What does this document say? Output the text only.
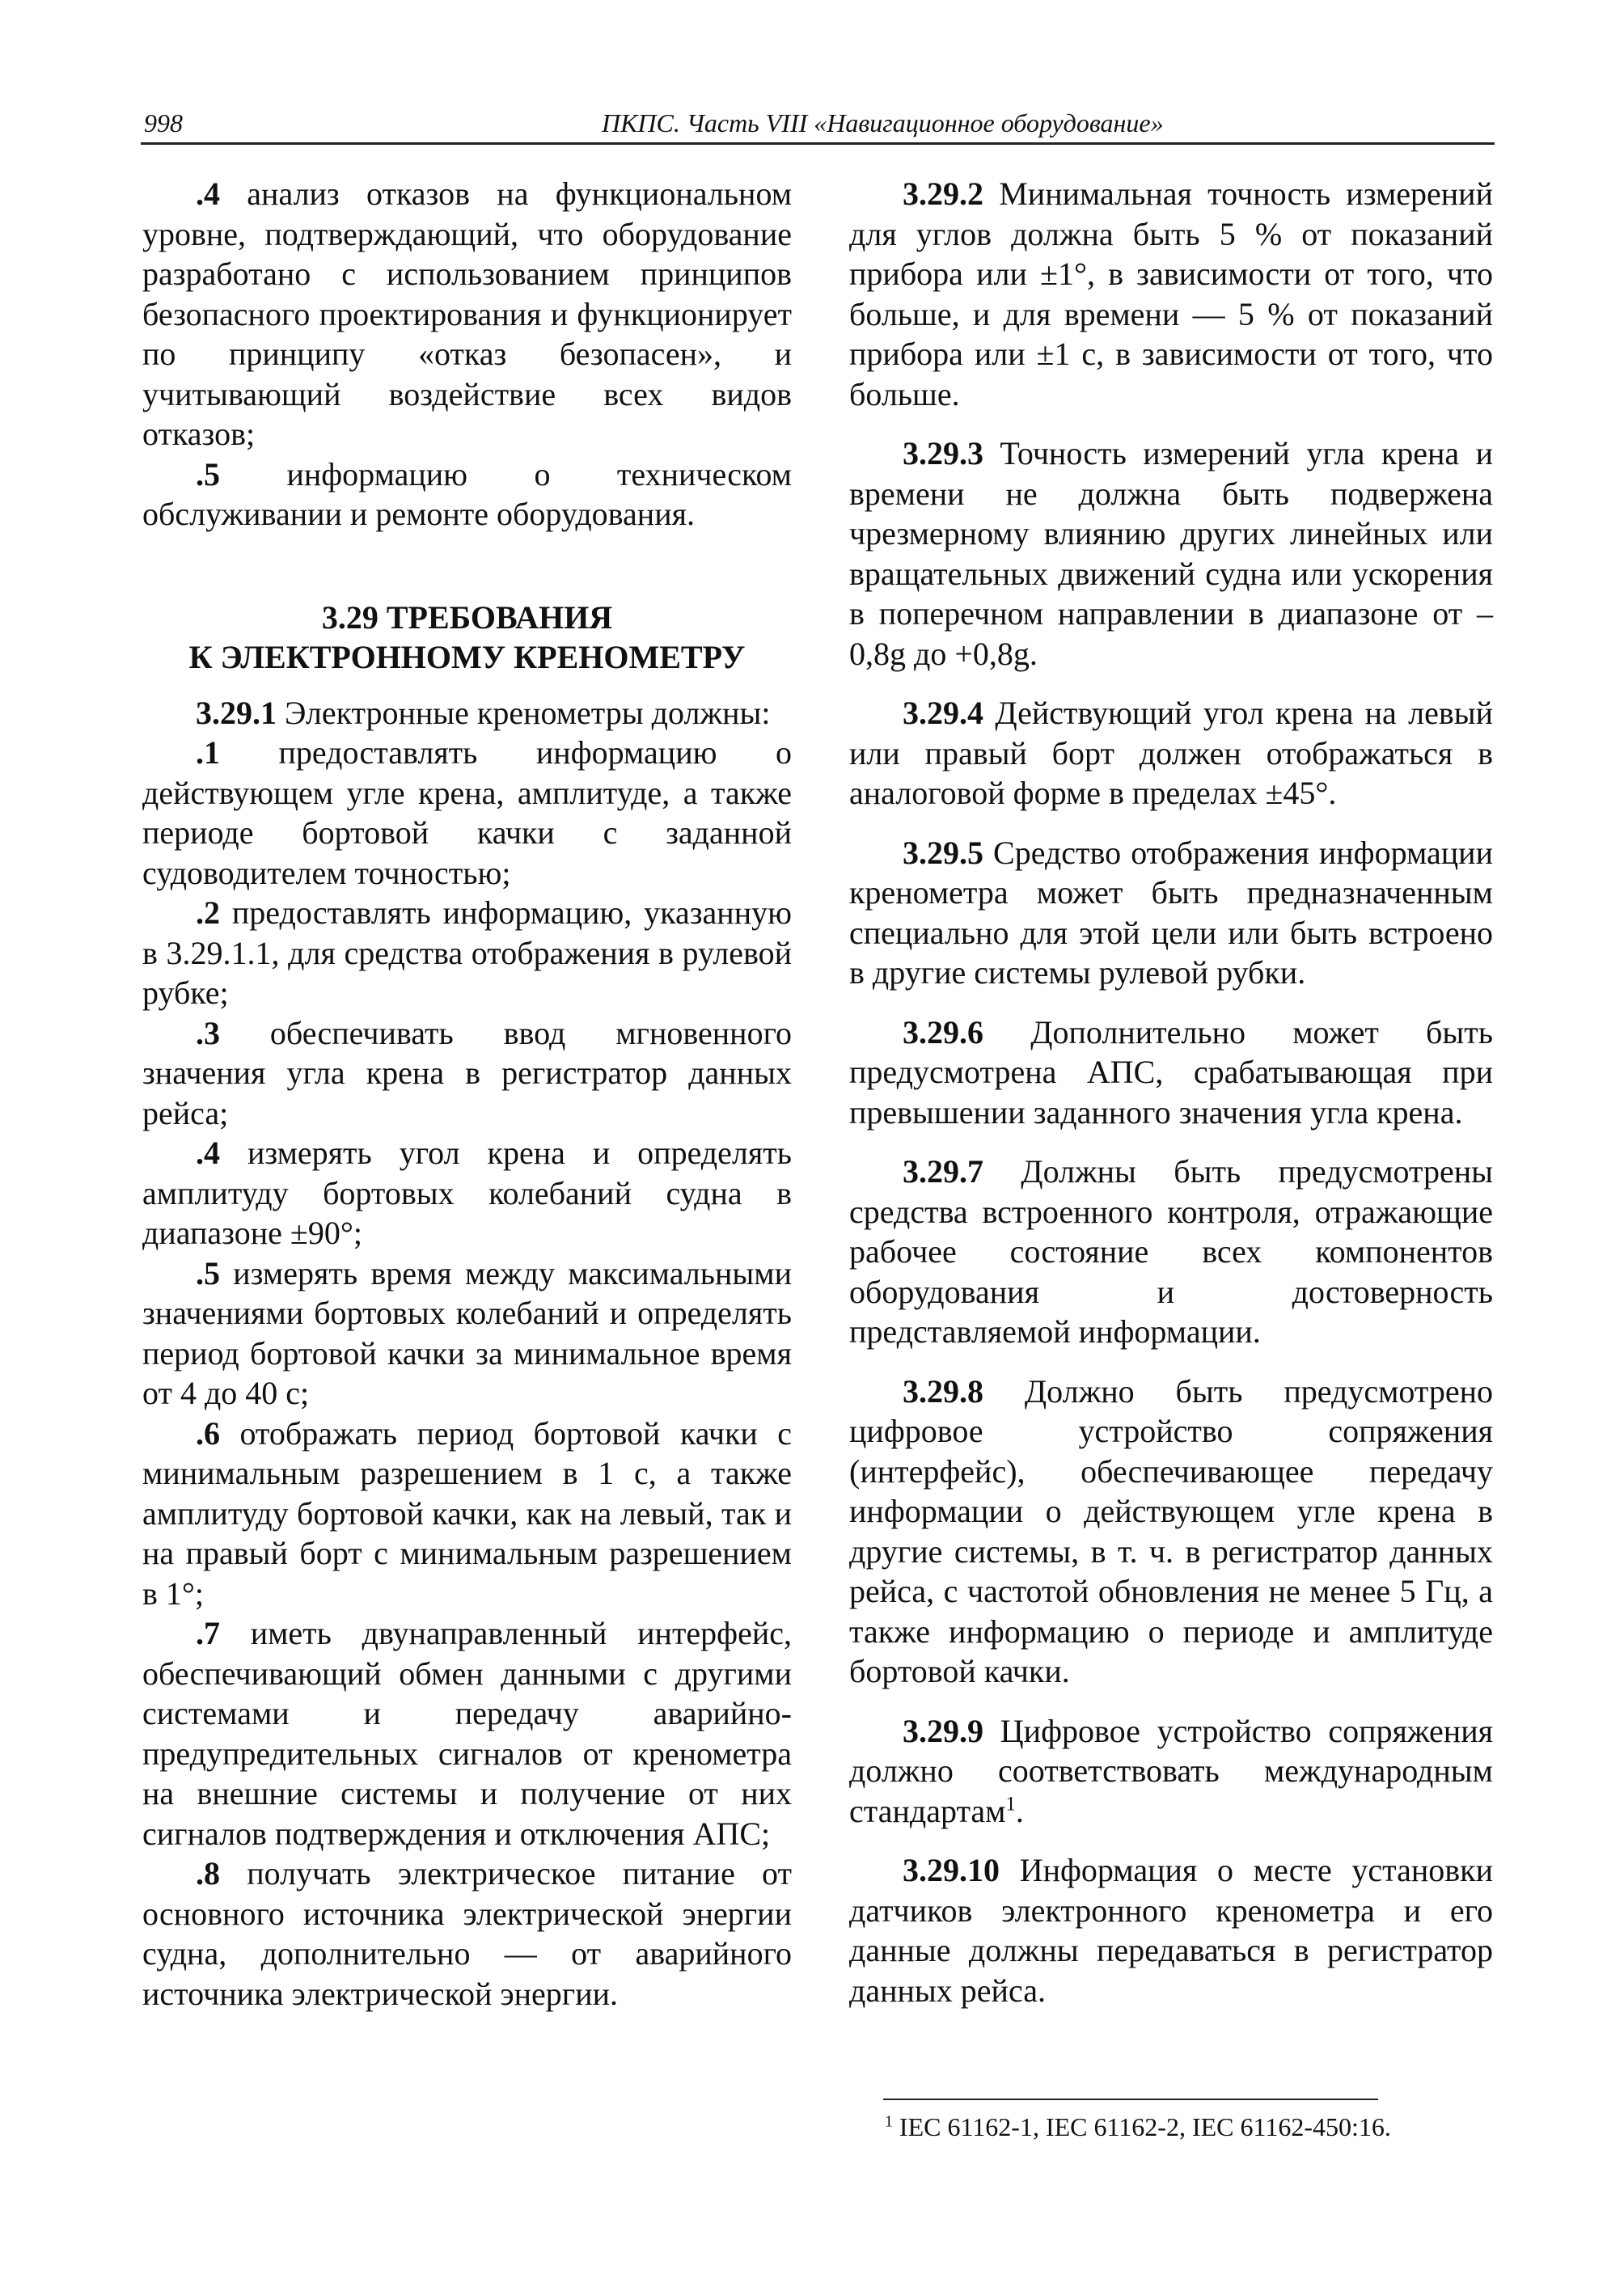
998	ПКПС. Часть VIII «Навигационное оборудование»

.4 анализ отказов на функциональном уровне, подтверждающий, что оборудование разработано с использованием принципов безопасного проектирования и функционирует по принципу «отказ безопасен», и учитывающий воздействие всех видов отказов;

.5 информацию о техническом обслуживании и ремонте оборудования.

3.29 ТРЕБОВАНИЯ
К ЭЛЕКТРОННОМУ КРЕНОМЕТРУ

3.29.1 Электронные кренометры должны:

.1 предоставлять информацию о действующем угле крена, амплитуде, а также периоде бортовой качки с заданной судоводителем точностью;

.2 предоставлять информацию, указанную в 3.29.1.1, для средства отображения в рулевой рубке;

.3 обеспечивать ввод мгновенного значения угла крена в регистратор данных рейса;

.4 измерять угол крена и определять амплитуду бортовых колебаний судна в диапазоне ±90°;

.5 измерять время между максимальными значениями бортовых колебаний и определять период бортовой качки за минимальное время от 4 до 40 с;

.6 отображать период бортовой качки с минимальным разрешением в 1 с, а также амплитуду бортовой качки, как на левый, так и на правый борт с минимальным разрешением в 1°;

.7 иметь двунаправленный интерфейс, обеспечивающий обмен данными с другими системами и передачу аварийно-предупредительных сигналов от кренометра на внешние системы и получение от них сигналов подтверждения и отключения АПС;

.8 получать электрическое питание от основного источника электрической энергии судна, дополнительно — от аварийного источника электрической энергии.

3.29.2 Минимальная точность измерений для углов должна быть 5 % от показаний прибора или ±1°, в зависимости от того, что больше, и для времени — 5 % от показаний прибора или ±1 с, в зависимости от того, что больше.

3.29.3 Точность измерений угла крена и времени не должна быть подвержена чрезмерному влиянию других линейных или вращательных движений судна или ускорения в поперечном направлении в диапазоне от –0,8g до +0,8g.

3.29.4 Действующий угол крена на левый или правый борт должен отображаться в аналоговой форме в пределах ±45°.

3.29.5 Средство отображения информации кренометра может быть предназначенным специально для этой цели или быть встроено в другие системы рулевой рубки.

3.29.6 Дополнительно может быть предусмотрена АПС, срабатывающая при превышении заданного значения угла крена.

3.29.7 Должны быть предусмотрены средства встроенного контроля, отражающие рабочее состояние всех компонентов оборудования и достоверность представляемой информации.

3.29.8 Должно быть предусмотрено цифровое устройство сопряжения (интерфейс), обеспечивающее передачу информации о действующем угле крена в другие системы, в т. ч. в регистратор данных рейса, с частотой обновления не менее 5 Гц, а также информацию о периоде и амплитуде бортовой качки.

3.29.9 Цифровое устройство сопряжения должно соответствовать международным стандартам$^1$.

3.29.10 Информация о месте установки датчиков электронного кренометра и его данные должны передаваться в регистратор данных рейса.

$^1$ IEC 61162-1, IEC 61162-2, IEC 61162-450:16.
